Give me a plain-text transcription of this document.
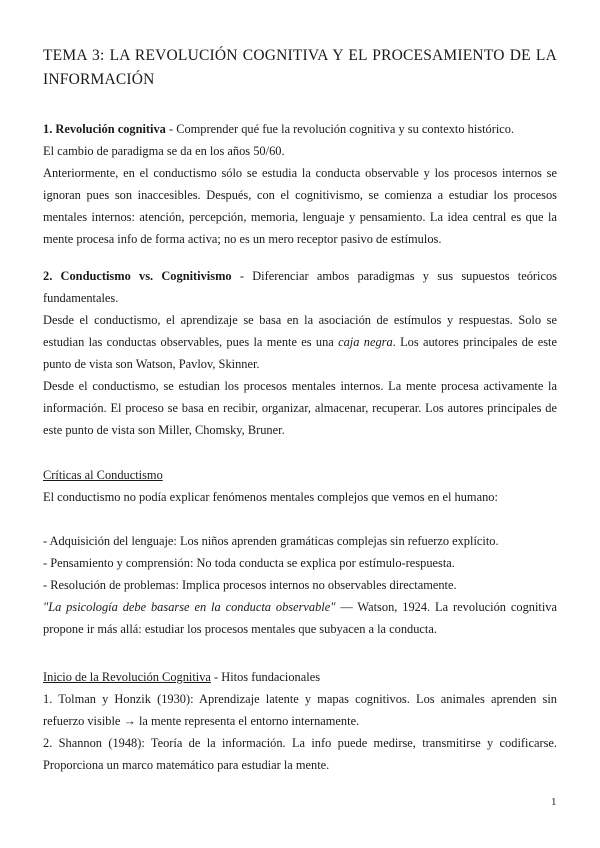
TEMA 3: LA REVOLUCIÓN COGNITIVA Y EL PROCESAMIENTO DE LA
INFORMACIÓN
1. Revolución cognitiva - Comprender qué fue la revolución cognitiva y su contexto histórico.
El cambio de paradigma se da en los años 50/60.
Anteriormente, en el conductismo sólo se estudia la conducta observable y los procesos internos se ignoran pues son inaccesibles. Después, con el cognitivismo, se comienza a estudiar los procesos mentales internos: atención, percepción, memoria, lenguaje y pensamiento. La idea central es que la mente procesa info de forma activa; no es un mero receptor pasivo de estímulos.
2. Conductismo vs. Cognitivismo - Diferenciar ambos paradigmas y sus supuestos teóricos fundamentales.
Desde el conductismo, el aprendizaje se basa en la asociación de estímulos y respuestas. Solo se estudian las conductas observables, pues la mente es una caja negra. Los autores principales de este punto de vista son Watson, Pavlov, Skinner.
Desde el conductismo, se estudian los procesos mentales internos. La mente procesa activamente la información. El proceso se basa en recibir, organizar, almacenar, recuperar. Los autores principales de este punto de vista son Miller, Chomsky, Bruner.
Críticas al Conductismo
El conductismo no podía explicar fenómenos mentales complejos que vemos en el humano:
- Adquisición del lenguaje: Los niños aprenden gramáticas complejas sin refuerzo explícito.
- Pensamiento y comprensión: No toda conducta se explica por estímulo-respuesta.
- Resolución de problemas: Implica procesos internos no observables directamente.
"La psicología debe basarse en la conducta observable" — Watson, 1924. La revolución cognitiva propone ir más allá: estudiar los procesos mentales que subyacen a la conducta.
Inicio de la Revolución Cognitiva - Hitos fundacionales
1. Tolman y Honzik (1930): Aprendizaje latente y mapas cognitivos. Los animales aprenden sin refuerzo visible → la mente representa el entorno internamente.
2. Shannon (1948): Teoría de la información. La info puede medirse, transmitirse y codificarse. Proporciona un marco matemático para estudiar la mente.
1
